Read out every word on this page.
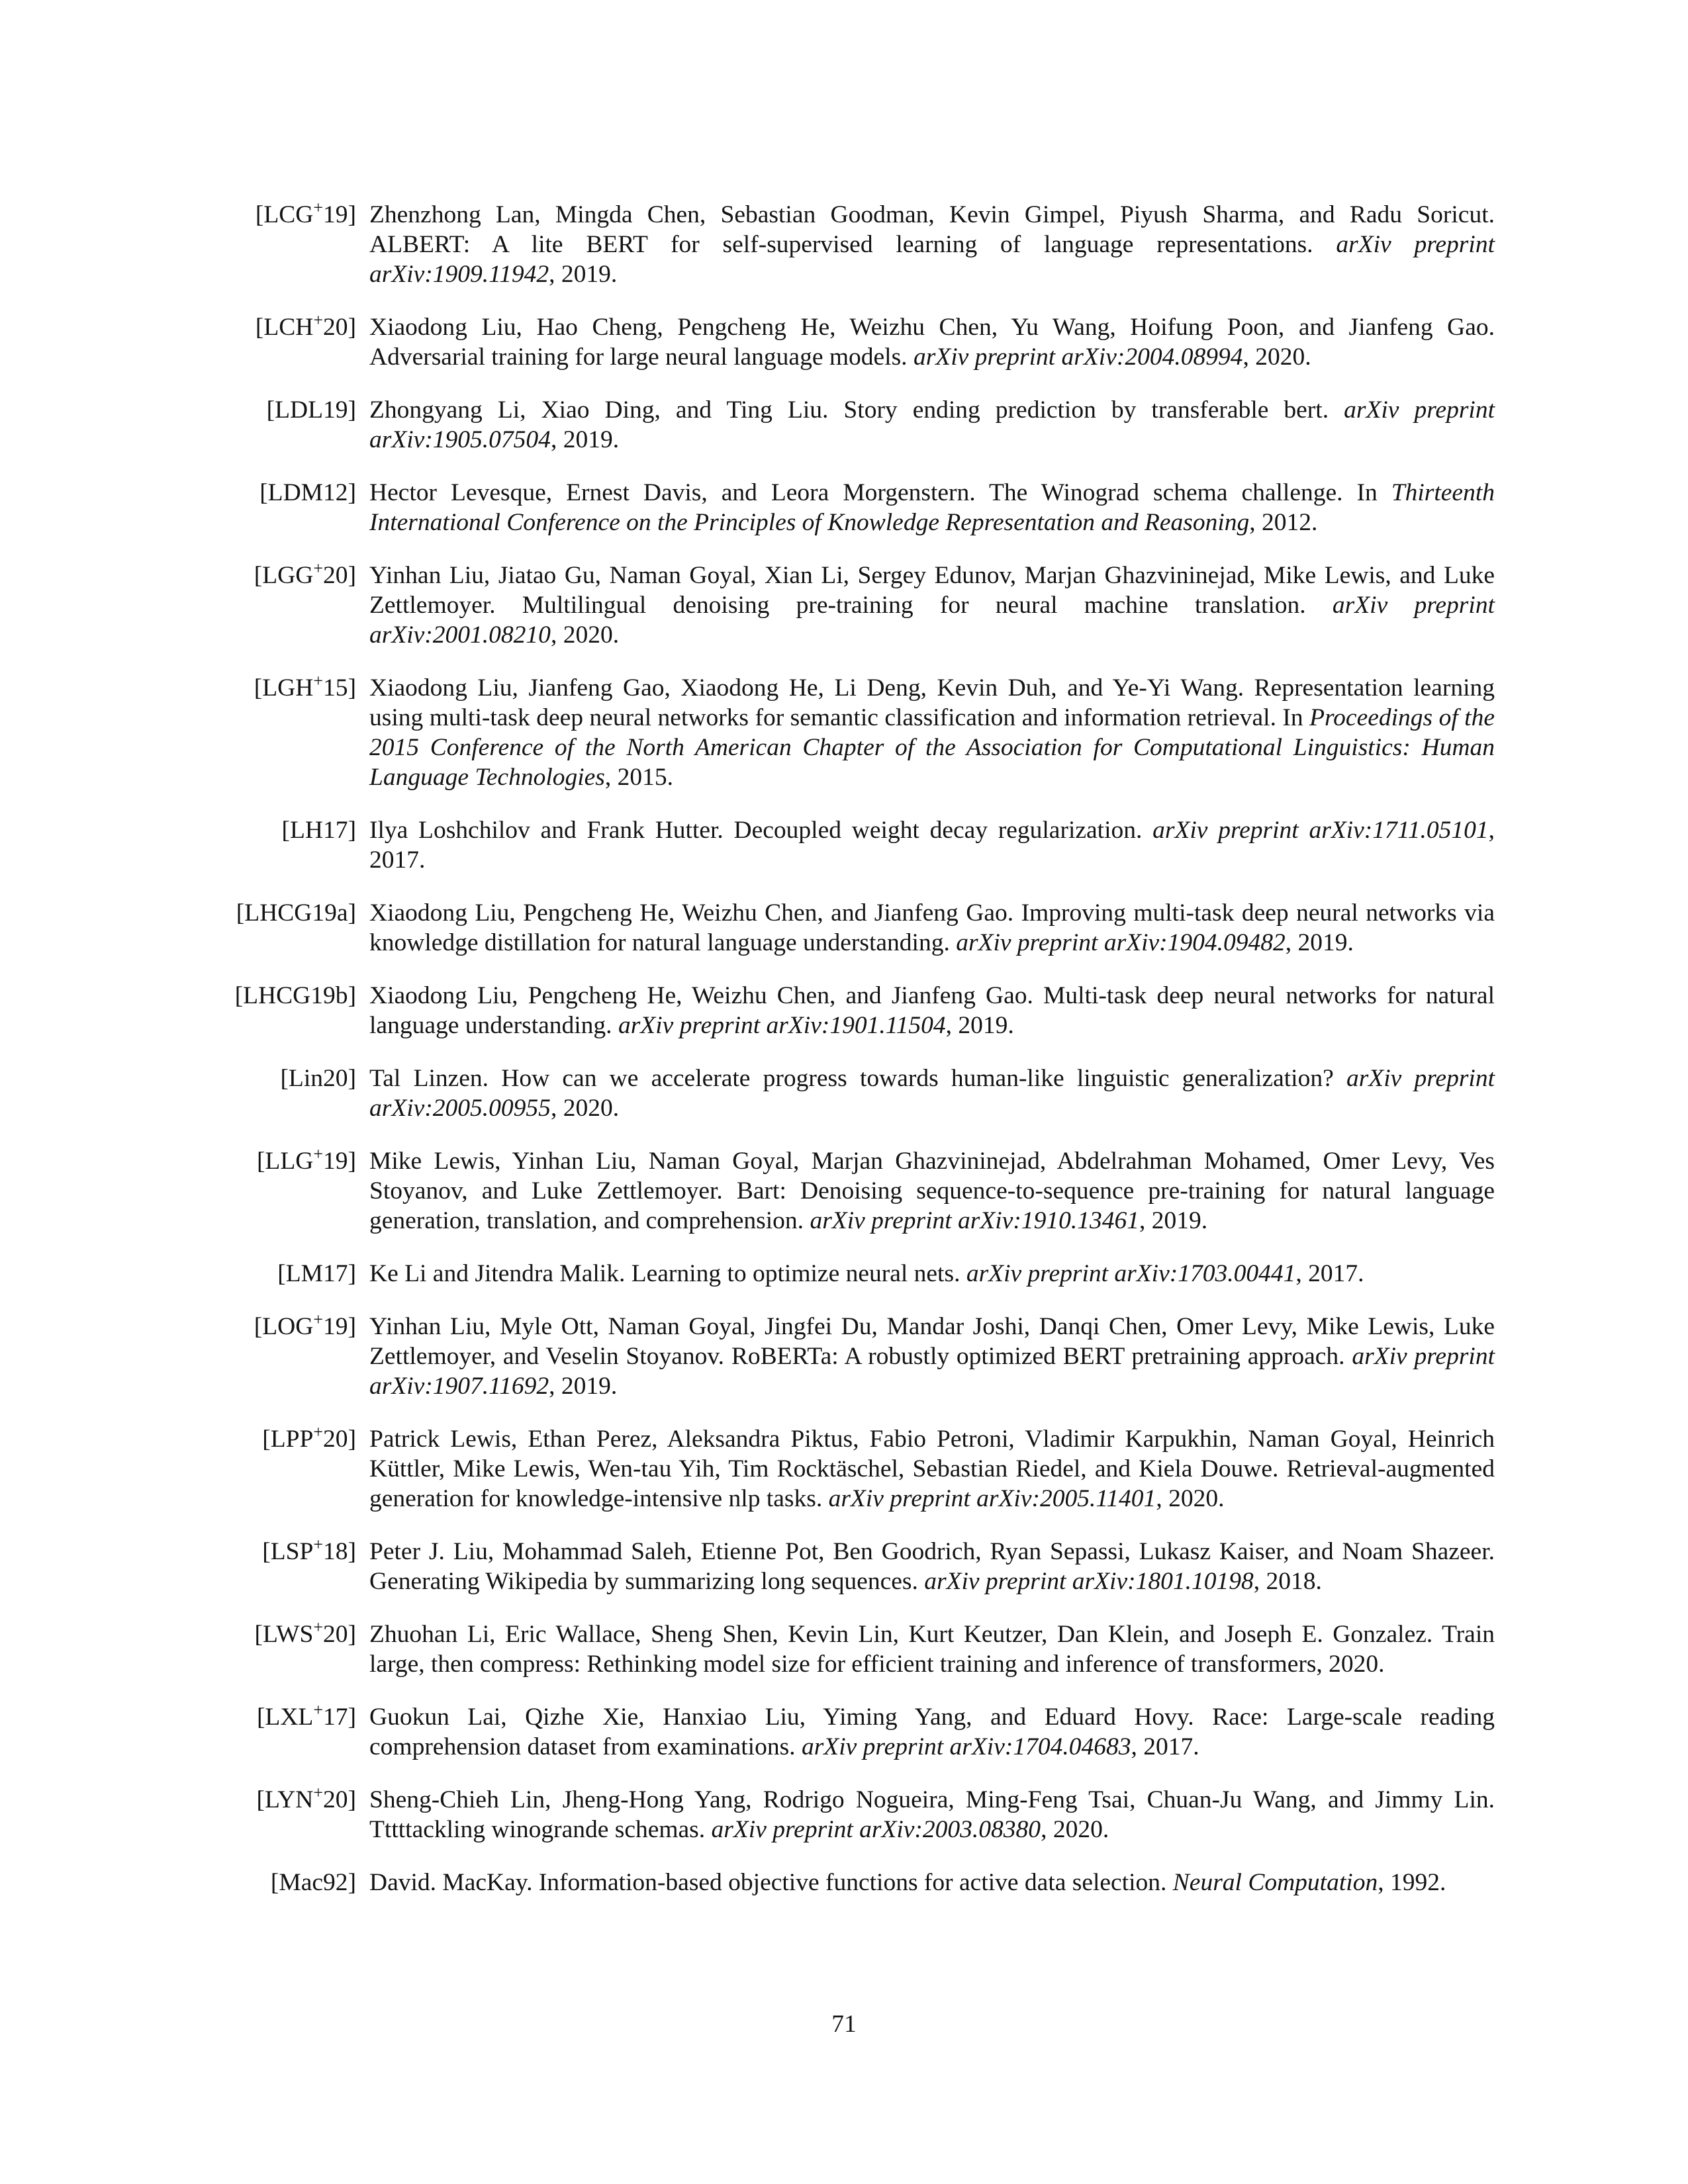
[LCG+19] Zhenzhong Lan, Mingda Chen, Sebastian Goodman, Kevin Gimpel, Piyush Sharma, and Radu Soricut. ALBERT: A lite BERT for self-supervised learning of language representations. arXiv preprint arXiv:1909.11942, 2019.
[LCH+20] Xiaodong Liu, Hao Cheng, Pengcheng He, Weizhu Chen, Yu Wang, Hoifung Poon, and Jianfeng Gao. Adversarial training for large neural language models. arXiv preprint arXiv:2004.08994, 2020.
[LDL19] Zhongyang Li, Xiao Ding, and Ting Liu. Story ending prediction by transferable bert. arXiv preprint arXiv:1905.07504, 2019.
[LDM12] Hector Levesque, Ernest Davis, and Leora Morgenstern. The Winograd schema challenge. In Thirteenth International Conference on the Principles of Knowledge Representation and Reasoning, 2012.
[LGG+20] Yinhan Liu, Jiatao Gu, Naman Goyal, Xian Li, Sergey Edunov, Marjan Ghazvininejad, Mike Lewis, and Luke Zettlemoyer. Multilingual denoising pre-training for neural machine translation. arXiv preprint arXiv:2001.08210, 2020.
[LGH+15] Xiaodong Liu, Jianfeng Gao, Xiaodong He, Li Deng, Kevin Duh, and Ye-Yi Wang. Representation learning using multi-task deep neural networks for semantic classification and information retrieval. In Proceedings of the 2015 Conference of the North American Chapter of the Association for Computational Linguistics: Human Language Technologies, 2015.
[LH17] Ilya Loshchilov and Frank Hutter. Decoupled weight decay regularization. arXiv preprint arXiv:1711.05101, 2017.
[LHCG19a] Xiaodong Liu, Pengcheng He, Weizhu Chen, and Jianfeng Gao. Improving multi-task deep neural networks via knowledge distillation for natural language understanding. arXiv preprint arXiv:1904.09482, 2019.
[LHCG19b] Xiaodong Liu, Pengcheng He, Weizhu Chen, and Jianfeng Gao. Multi-task deep neural networks for natural language understanding. arXiv preprint arXiv:1901.11504, 2019.
[Lin20] Tal Linzen. How can we accelerate progress towards human-like linguistic generalization? arXiv preprint arXiv:2005.00955, 2020.
[LLG+19] Mike Lewis, Yinhan Liu, Naman Goyal, Marjan Ghazvininejad, Abdelrahman Mohamed, Omer Levy, Ves Stoyanov, and Luke Zettlemoyer. Bart: Denoising sequence-to-sequence pre-training for natural language generation, translation, and comprehension. arXiv preprint arXiv:1910.13461, 2019.
[LM17] Ke Li and Jitendra Malik. Learning to optimize neural nets. arXiv preprint arXiv:1703.00441, 2017.
[LOG+19] Yinhan Liu, Myle Ott, Naman Goyal, Jingfei Du, Mandar Joshi, Danqi Chen, Omer Levy, Mike Lewis, Luke Zettlemoyer, and Veselin Stoyanov. RoBERTa: A robustly optimized BERT pretraining approach. arXiv preprint arXiv:1907.11692, 2019.
[LPP+20] Patrick Lewis, Ethan Perez, Aleksandra Piktus, Fabio Petroni, Vladimir Karpukhin, Naman Goyal, Heinrich Küttler, Mike Lewis, Wen-tau Yih, Tim Rocktäschel, Sebastian Riedel, and Kiela Douwe. Retrieval-augmented generation for knowledge-intensive nlp tasks. arXiv preprint arXiv:2005.11401, 2020.
[LSP+18] Peter J. Liu, Mohammad Saleh, Etienne Pot, Ben Goodrich, Ryan Sepassi, Lukasz Kaiser, and Noam Shazeer. Generating Wikipedia by summarizing long sequences. arXiv preprint arXiv:1801.10198, 2018.
[LWS+20] Zhuohan Li, Eric Wallace, Sheng Shen, Kevin Lin, Kurt Keutzer, Dan Klein, and Joseph E. Gonzalez. Train large, then compress: Rethinking model size for efficient training and inference of transformers, 2020.
[LXL+17] Guokun Lai, Qizhe Xie, Hanxiao Liu, Yiming Yang, and Eduard Hovy. Race: Large-scale reading comprehension dataset from examinations. arXiv preprint arXiv:1704.04683, 2017.
[LYN+20] Sheng-Chieh Lin, Jheng-Hong Yang, Rodrigo Nogueira, Ming-Feng Tsai, Chuan-Ju Wang, and Jimmy Lin. Tttttackling winogrande schemas. arXiv preprint arXiv:2003.08380, 2020.
[Mac92] David. MacKay. Information-based objective functions for active data selection. Neural Computation, 1992.
71
